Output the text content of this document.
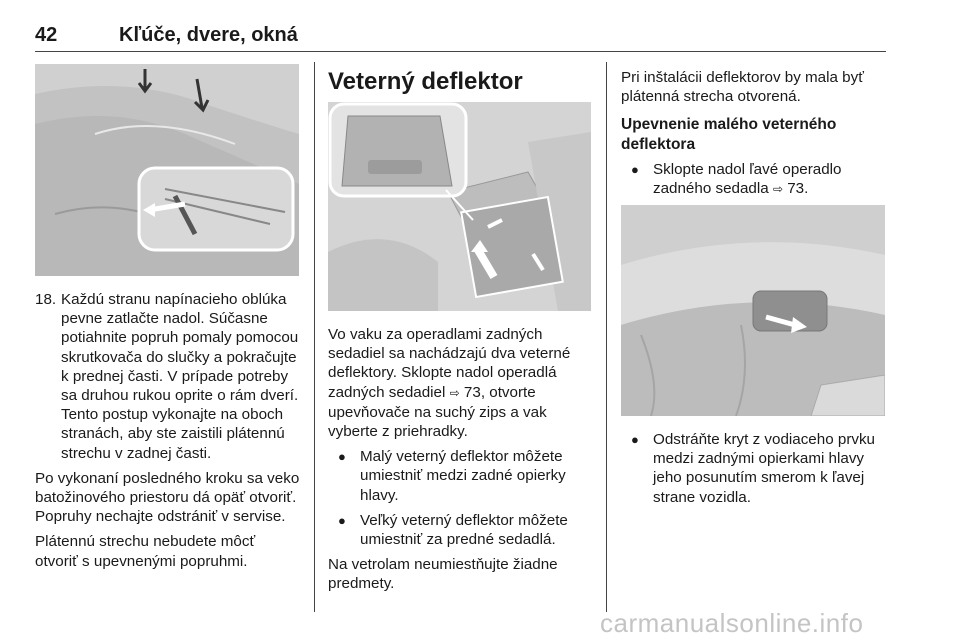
42	Kľúče, dvere, okná
18. Každú stranu napínacieho oblúka pevne zatlačte nadol. Súčasne potiahnite popruh pomaly pomocou skrutkovača do slučky a pokračujte k prednej časti. V prípade potreby sa druhou rukou oprite o rám dverí. Tento postup vykonajte na oboch stranách, aby ste zaistili plátennú strechu v zadnej časti.

Po vykonaní posledného kroku sa veko batožinového priestoru dá opäť otvoriť. Popruhy nechajte odstrániť v servise.

Plátennú strechu nebudete môcť otvoriť s upevnenými popruhmi.

Veterný deflektor

Vo vaku za operadlami zadných sedadiel sa nachádzajú dva veterné deflektory. Sklopte nadol operadlá zadných sedadiel ⇨ 73, otvorte upevňovače na suchý zips a vak vyberte z priehradky.

● Malý veterný deflektor môžete umiestniť medzi zadné opierky hlavy.

● Veľký veterný deflektor môžete umiestniť za predné sedadlá.

Na vetrolam neumiestňujte žiadne predmety.

Pri inštalácii deflektorov by mala byť plátenná strecha otvorená.

Upevnenie malého veterného deflektora

● Sklopte nadol ľavé operadlo zadného sedadla ⇨ 73.

● Odstráňte kryt z vodiaceho prvku medzi zadnými opierkami hlavy jeho posunutím smerom k ľavej strane vozidla.

carmanualsonline.info
